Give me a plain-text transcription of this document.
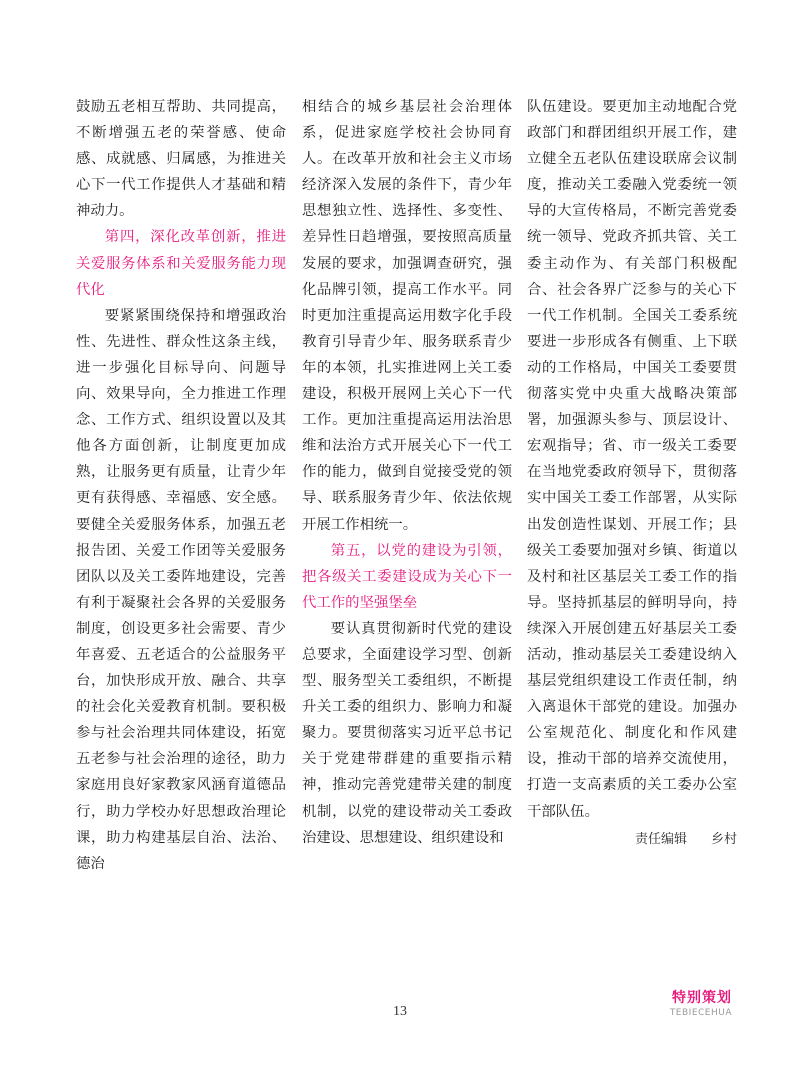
鼓励五老相互帮助、共同提高，不断增强五老的荣誉感、使命感、成就感、归属感，为推进关心下一代工作提供人才基础和精神动力。

第四，深化改革创新，推进关爱服务体系和关爱服务能力现代化

要紧紧围绕保持和增强政治性、先进性、群众性这条主线，进一步强化目标导向、问题导向、效果导向，全力推进工作理念、工作方式、组织设置以及其他各方面创新，让制度更加成熟，让服务更有质量，让青少年更有获得感、幸福感、安全感。要健全关爱服务体系，加强五老报告团、关爱工作团等关爱服务团队以及关工委阵地建设，完善有利于凝聚社会各界的关爱服务制度，创设更多社会需要、青少年喜爱、五老适合的公益服务平台，加快形成开放、融合、共享的社会化关爱教育机制。要积极参与社会治理共同体建设，拓宽五老参与社会治理的途径，助力家庭用良好家教家风涵育道德品行，助力学校办好思想政治理论课，助力构建基层自治、法治、德治

相结合的城乡基层社会治理体系，促进家庭学校社会协同育人。在改革开放和社会主义市场经济深入发展的条件下，青少年思想独立性、选择性、多变性、差异性日趋增强，要按照高质量发展的要求，加强调查研究，强化品牌引领，提高工作水平。同时更加注重提高运用数字化手段教育引导青少年、服务联系青少年的本领，扎实推进网上关工委建设，积极开展网上关心下一代工作。更加注重提高运用法治思维和法治方式开展关心下一代工作的能力，做到自觉接受党的领导、联系服务青少年、依法依规开展工作相统一。

第五，以党的建设为引领，把各级关工委建设成为关心下一代工作的坚强堡垒

要认真贯彻新时代党的建设总要求，全面建设学习型、创新型、服务型关工委组织，不断提升关工委的组织力、影响力和凝聚力。要贯彻落实习近平总书记关于党建带群建的重要指示精神，推动完善党建带关建的制度机制，以党的建设带动关工委政治建设、思想建设、组织建设和

队伍建设。要更加主动地配合党政部门和群团组织开展工作，建立健全五老队伍建设联席会议制度，推动关工委融入党委统一领导的大宣传格局，不断完善党委统一领导、党政齐抓共管、关工委主动作为、有关部门积极配合、社会各界广泛参与的关心下一代工作机制。全国关工委系统要进一步形成各有侧重、上下联动的工作格局，中国关工委要贯彻落实党中央重大战略决策部署，加强源头参与、顶层设计、宏观指导；省、市一级关工委要在当地党委政府领导下，贯彻落实中国关工委工作部署，从实际出发创造性谋划、开展工作；县级关工委要加强对乡镇、街道以及村和社区基层关工委工作的指导。坚持抓基层的鲜明导向，持续深入开展创建五好基层关工委活动，推动基层关工委建设纳入基层党组织建设工作责任制，纳入离退休干部党的建设。加强办公室规范化、制度化和作风建设，推动干部的培养交流使用，打造一支高素质的关工委办公室干部队伍。

责任编辑 乡村
13
特别策划
TEBIECEHUA
